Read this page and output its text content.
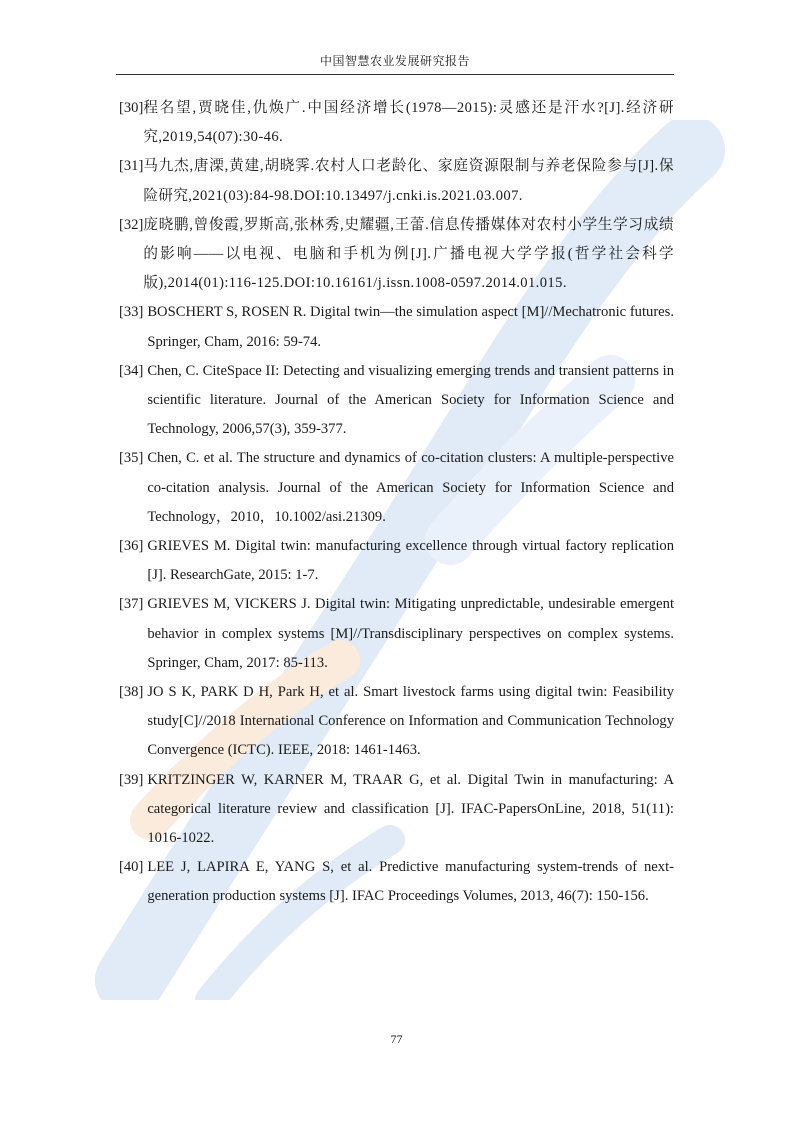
中国智慧农业发展研究报告
[30] 程名望,贾晓佳,仇焕广.中国经济增长(1978—2015):灵感还是汗水?[J].经济研究,2019,54(07):30-46.
[31] 马九杰,唐溧,黄建,胡晓霁.农村人口老龄化、家庭资源限制与养老保险参与[J].保险研究,2021(03):84-98.DOI:10.13497/j.cnki.is.2021.03.007.
[32] 庞晓鹏,曾俊霞,罗斯高,张林秀,史耀疆,王蕾.信息传播媒体对农村小学生学习成绩的影响——以电视、电脑和手机为例[J].广播电视大学学报(哲学社会科学版),2014(01):116-125.DOI:10.16161/j.issn.1008-0597.2014.01.015.
[33] BOSCHERT S, ROSEN R. Digital twin—the simulation aspect [M]//Mechatronic futures. Springer, Cham, 2016: 59-74.
[34] Chen, C. CiteSpace II: Detecting and visualizing emerging trends and transient patterns in scientific literature. Journal of the American Society for Information Science and Technology, 2006,57(3), 359-377.
[35] Chen, C. et al. The structure and dynamics of co-citation clusters: A multiple-perspective co-citation analysis. Journal of the American Society for Information Science and Technology，2010，10.1002/asi.21309.
[36] GRIEVES M. Digital twin: manufacturing excellence through virtual factory replication [J]. ResearchGate, 2015: 1-7.
[37] GRIEVES M, VICKERS J. Digital twin: Mitigating unpredictable, undesirable emergent behavior in complex systems [M]//Transdisciplinary perspectives on complex systems. Springer, Cham, 2017: 85-113.
[38] JO S K, PARK D H, Park H, et al. Smart livestock farms using digital twin: Feasibility study[C]//2018 International Conference on Information and Communication Technology Convergence (ICTC). IEEE, 2018: 1461-1463.
[39] KRITZINGER W, KARNER M, TRAAR G, et al. Digital Twin in manufacturing: A categorical literature review and classification [J]. IFAC-PapersOnLine, 2018, 51(11): 1016-1022.
[40] LEE J, LAPIRA E, YANG S, et al. Predictive manufacturing system-trends of next-generation production systems [J]. IFAC Proceedings Volumes, 2013, 46(7): 150-156.
77
